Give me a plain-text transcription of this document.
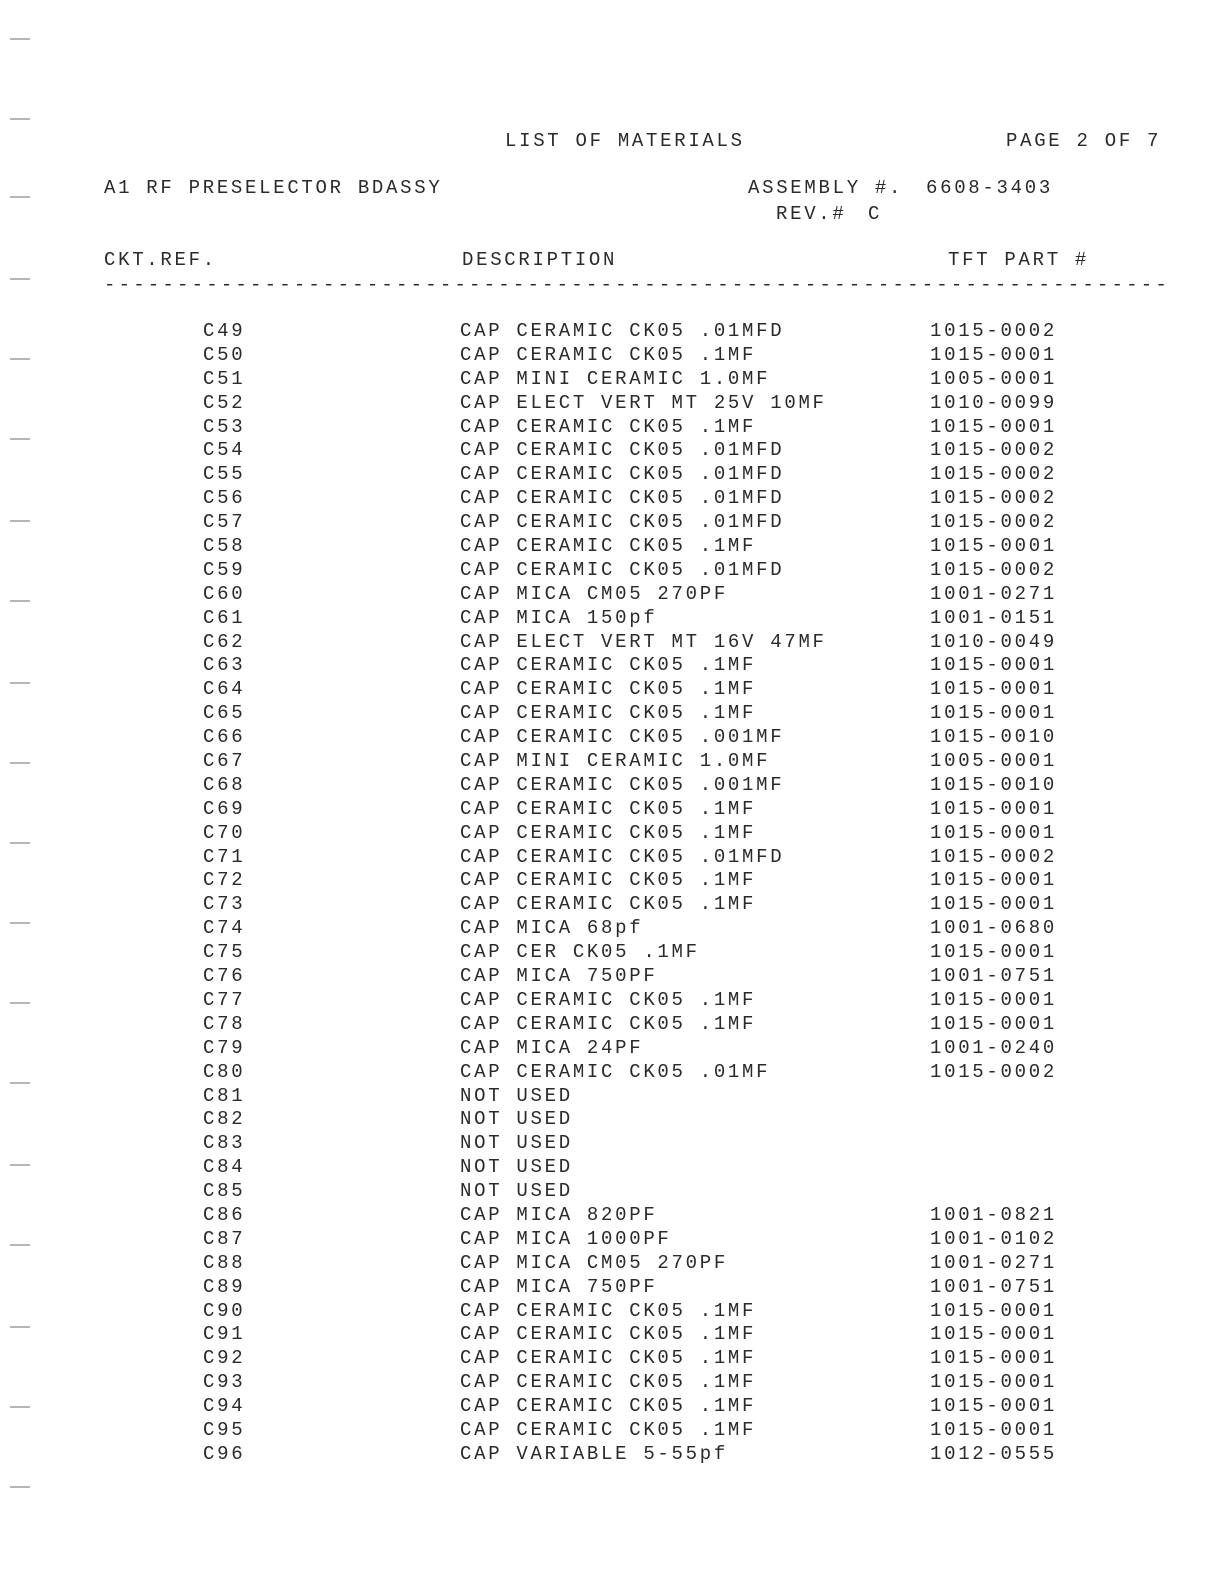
LIST OF MATERIALS	PAGE 2 OF 7
A1 RF PRESELECTOR BDASSY	ASSEMBLY #. 6608-3403
REV.# C
CKT.REF.	DESCRIPTION	TFT PART #
-------------------------------------------------------------------------
C49	CAP CERAMIC CK05 .01MFD	1015-0002
C50	CAP CERAMIC CK05 .1MF	1015-0001
C51	CAP MINI CERAMIC 1.0MF	1005-0001
C52	CAP ELECT VERT MT 25V 10MF	1010-0099
C53	CAP CERAMIC CK05 .1MF	1015-0001
C54	CAP CERAMIC CK05 .01MFD	1015-0002
C55	CAP CERAMIC CK05 .01MFD	1015-0002
C56	CAP CERAMIC CK05 .01MFD	1015-0002
C57	CAP CERAMIC CK05 .01MFD	1015-0002
C58	CAP CERAMIC CK05 .1MF	1015-0001
C59	CAP CERAMIC CK05 .01MFD	1015-0002
C60	CAP MICA CM05 270PF	1001-0271
C61	CAP MICA 150pf	1001-0151
C62	CAP ELECT VERT MT 16V 47MF	1010-0049
C63	CAP CERAMIC CK05 .1MF	1015-0001
C64	CAP CERAMIC CK05 .1MF	1015-0001
C65	CAP CERAMIC CK05 .1MF	1015-0001
C66	CAP CERAMIC CK05 .001MF	1015-0010
C67	CAP MINI CERAMIC 1.0MF	1005-0001
C68	CAP CERAMIC CK05 .001MF	1015-0010
C69	CAP CERAMIC CK05 .1MF	1015-0001
C70	CAP CERAMIC CK05 .1MF	1015-0001
C71	CAP CERAMIC CK05 .01MFD	1015-0002
C72	CAP CERAMIC CK05 .1MF	1015-0001
C73	CAP CERAMIC CK05 .1MF	1015-0001
C74	CAP MICA 68pf	1001-0680
C75	CAP CER CK05 .1MF	1015-0001
C76	CAP MICA 750PF	1001-0751
C77	CAP CERAMIC CK05 .1MF	1015-0001
C78	CAP CERAMIC CK05 .1MF	1015-0001
C79	CAP MICA 24PF	1001-0240
C80	CAP CERAMIC CK05 .01MF	1015-0002
C81	NOT USED
C82	NOT USED
C83	NOT USED
C84	NOT USED
C85	NOT USED
C86	CAP MICA 820PF	1001-0821
C87	CAP MICA 1000PF	1001-0102
C88	CAP MICA CM05 270PF	1001-0271
C89	CAP MICA 750PF	1001-0751
C90	CAP CERAMIC CK05 .1MF	1015-0001
C91	CAP CERAMIC CK05 .1MF	1015-0001
C92	CAP CERAMIC CK05 .1MF	1015-0001
C93	CAP CERAMIC CK05 .1MF	1015-0001
C94	CAP CERAMIC CK05 .1MF	1015-0001
C95	CAP CERAMIC CK05 .1MF	1015-0001
C96	CAP VARIABLE 5-55pf	1012-0555
